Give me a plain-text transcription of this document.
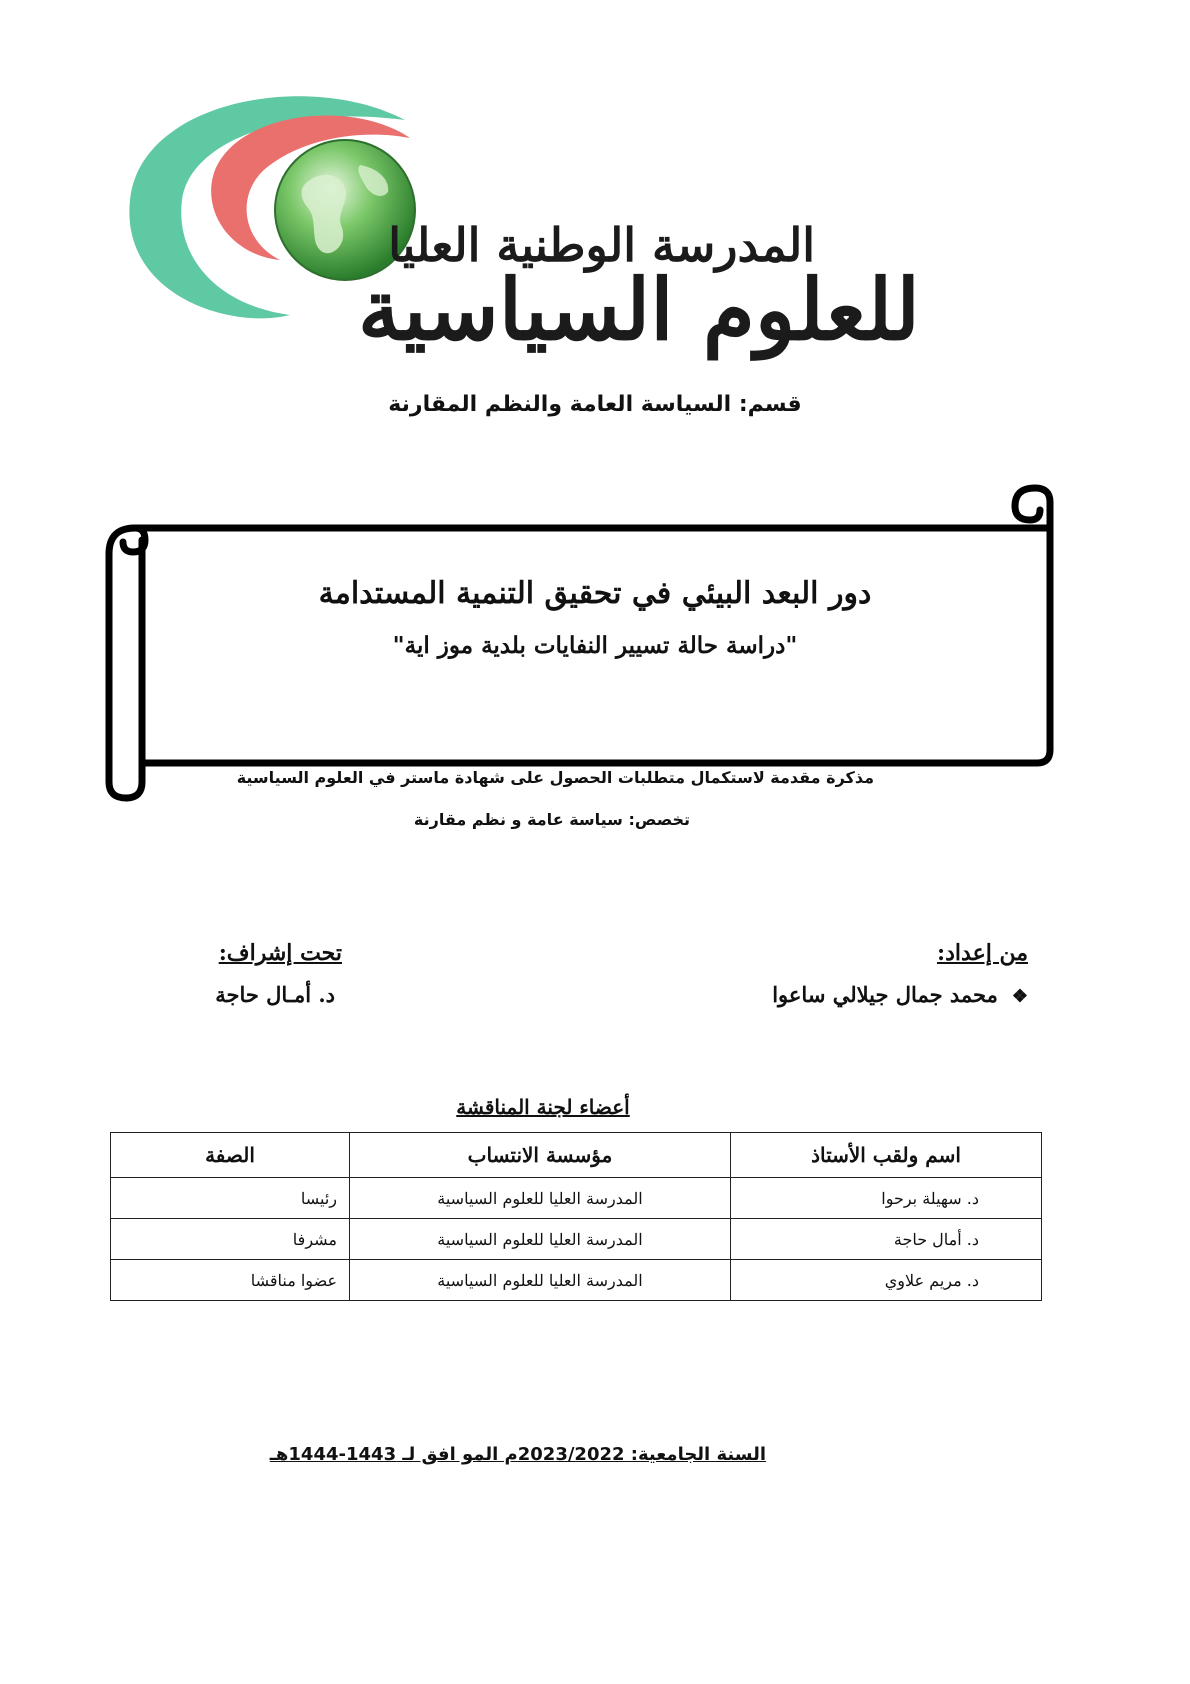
المدرسة الوطنية العليا
للعلوم السياسية
قسم: السياسة العامة والنظم المقارنة
دور البعد البيئي في تحقيق التنمية المستدامة
"دراسة حالة تسيير النفايات بلدية موز اية"
مذكرة مقدمة لاستكمال متطلبات الحصول على شهادة ماستر في العلوم السياسية
تخصص: سياسة عامة و نظم مقارنة
من إعداد:
❖محمد جمال جيلالي ساعوا
تحت إشراف:
د. أمـال حاجة
أعضاء لجنة المناقشة
اسم ولقب الأستاذ	مؤسسة الانتساب	الصفة
د. سهيلة برحوا	المدرسة العليا للعلوم السياسية	رئيسا
د. أمال حاجة	المدرسة العليا للعلوم السياسية	مشرفا
د. مريم علاوي	المدرسة العليا للعلوم السياسية	عضوا مناقشا
السنة الجامعية: 2023/2022م المو افق لـ 1443-1444هـ
